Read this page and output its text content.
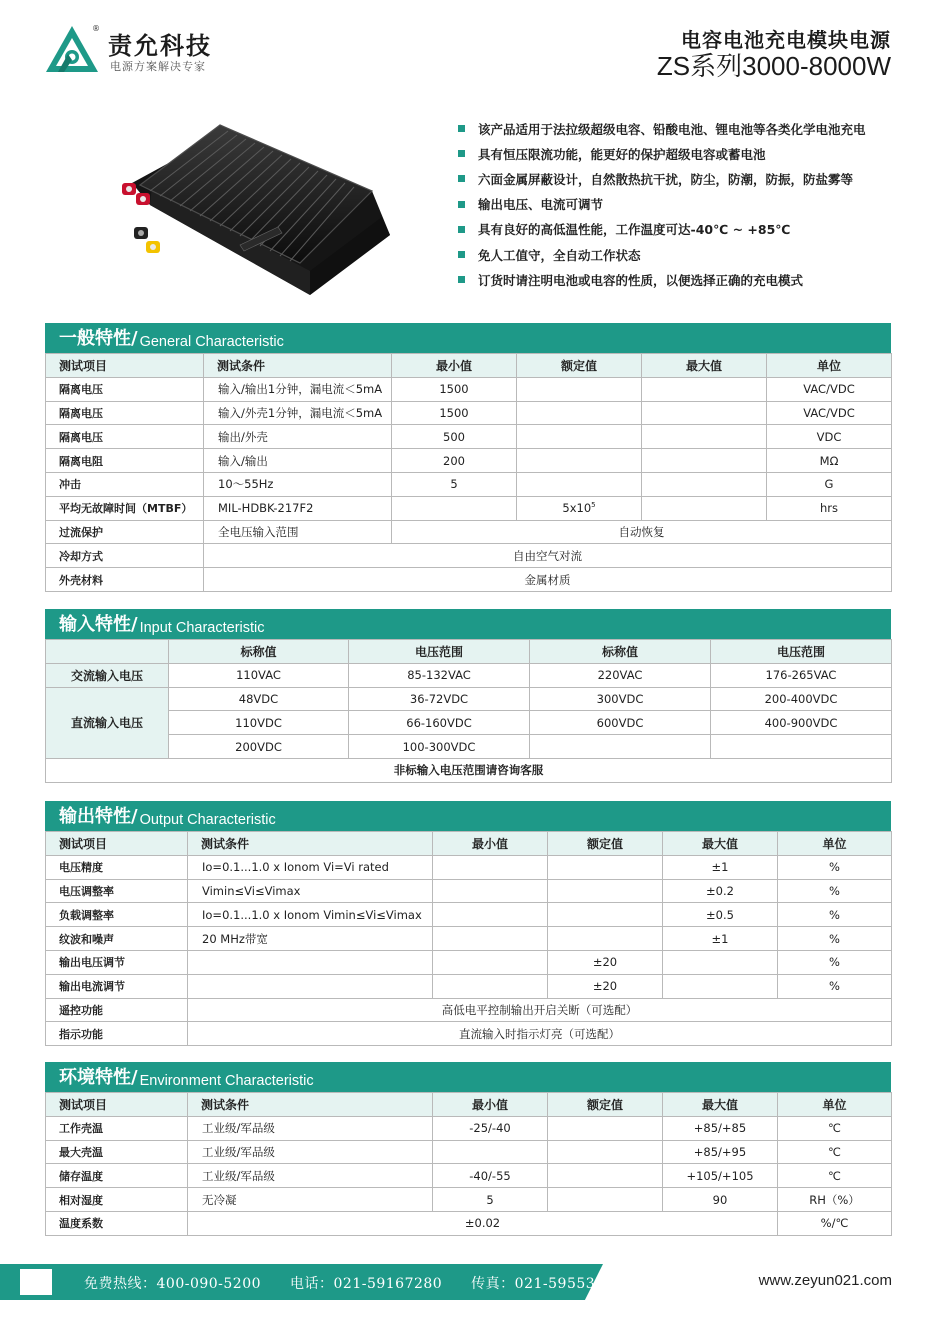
®
责允科技
电源方案解决专家
电容电池充电模块电源
ZS系列3000-8000W
该产品适用于法拉级超级电容、铅酸电池、锂电池等各类化学电池充电
具有恒压限流功能，能更好的保护超级电容或蓄电池
六面金属屏蔽设计，自然散热抗干扰，防尘，防潮，防振，防盐雾等
输出电压、电流可调节
具有良好的高低温性能，工作温度可达-40℃ ~ +85℃
免人工值守，全自动工作状态
订货时请注明电池或电容的性质，以便选择正确的充电模式
一般特性/ General Characteristic
测试项目	测试条件	最小值	额定值	最大值	单位
隔离电压	输入/输出1分钟，漏电流＜5mA	1500			VAC/VDC
隔离电压	输入/外壳1分钟，漏电流＜5mA	1500			VAC/VDC
隔离电压	输出/外壳	500			VDC
隔离电阻	输入/输出	200			MΩ
冲击	10～55Hz	5			G
平均无故障时间（MTBF）	MIL-HDBK-217F2		$5x10^5$		hrs
过流保护	全电压输入范围	自动恢复			
冷却方式	自由空气对流				
外壳材料	金属材质				
输入特性/ Input Characteristic
	标称值	电压范围	标称值	电压范围
交流输入电压	110VAC	85-132VAC	220VAC	176-265VAC
直流输入电压	48VDC	36-72VDC	300VDC	200-400VDC
	110VDC	66-160VDC	600VDC	400-900VDC
	200VDC	100-300VDC		
非标输入电压范围请咨询客服				
输出特性/ Output Characteristic
测试项目	测试条件	最小值	额定值	最大值	单位
电压精度	Io=0.1...1.0 x Ionom Vi=Vi rated			±1	%
电压调整率	Vimin≤Vi≤Vimax			±0.2	%
负载调整率	Io=0.1...1.0 x Ionom Vimin≤Vi≤Vimax			±0.5	%
纹波和噪声	20 MHz带宽			±1	%
输出电压调节			±20		%
输出电流调节			±20		%
遥控功能	高低电平控制输出开启关断（可选配）				
指示功能	直流输入时指示灯亮（可选配）				
环境特性/ Environment Characteristic
测试项目	测试条件	最小值	额定值	最大值	单位
工作壳温	工业级/军品级	-25/-40		+85/+85	℃
最大壳温	工业级/军品级			+85/+95	℃
储存温度	工业级/军品级	-40/-55		+105/+105	℃
相对湿度	无冷凝	5		90	RH（%）
温度系数	±0.02				%/℃
免费热线：400-090-5200 电话：021-59167280 传真：021-59553702	www.zeyun021.com
